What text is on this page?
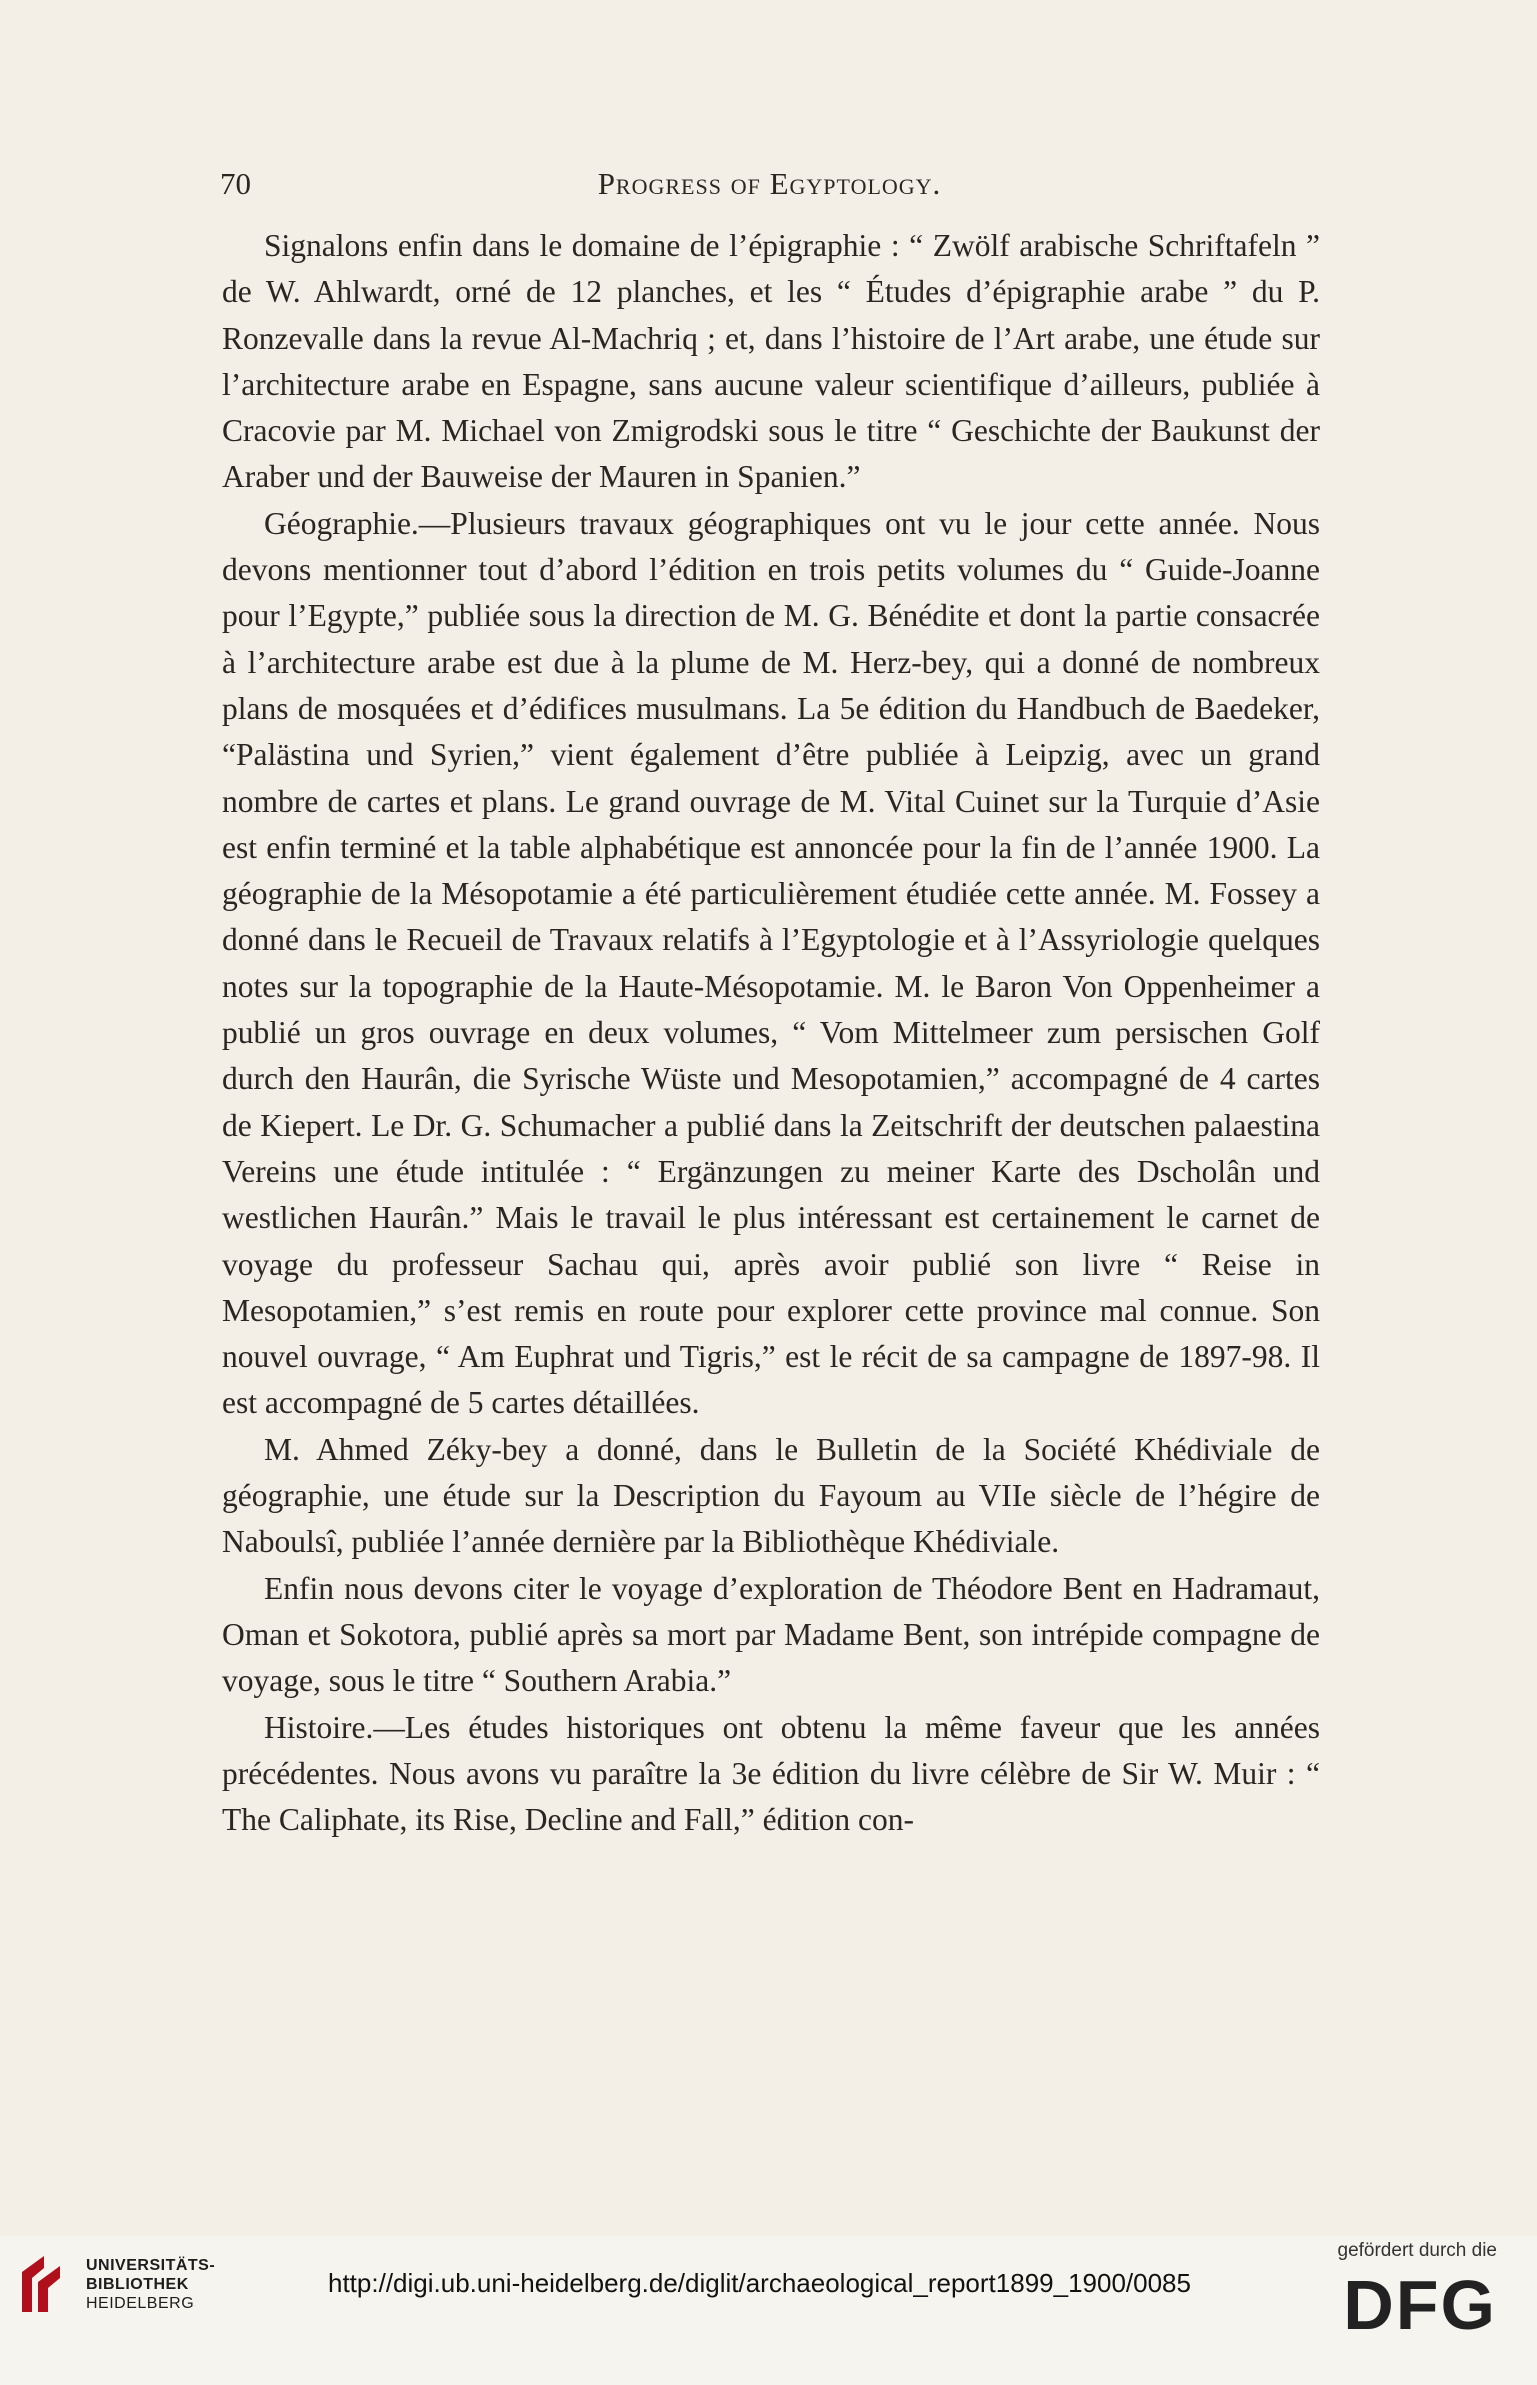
70	Progress of Egyptology.

Signalons enfin dans le domaine de l’épigraphie : “ Zwölf arabische Schriftafeln ” de W. Ahlwardt, orné de 12 planches, et les “ Études d’épigraphie arabe ” du P. Ronzevalle dans la revue Al-Machriq ; et, dans l’histoire de l’Art arabe, une étude sur l’architecture arabe en Espagne, sans aucune valeur scientifique d’ailleurs, publiée à Cracovie par M. Michael von Zmigrodski sous le titre “ Geschichte der Baukunst der Araber und der Bauweise der Mauren in Spanien.”

Géographie.—Plusieurs travaux géographiques ont vu le jour cette année. Nous devons mentionner tout d’abord l’édition en trois petits volumes du “ Guide-Joanne pour l’Egypte,” publiée sous la direction de M. G. Bénédite et dont la partie consacrée à l’architecture arabe est due à la plume de M. Herz-bey, qui a donné de nombreux plans de mosquées et d’édifices musulmans. La 5e édition du Handbuch de Baedeker, “Palästina und Syrien,” vient également d’être publiée à Leipzig, avec un grand nombre de cartes et plans. Le grand ouvrage de M. Vital Cuinet sur la Turquie d’Asie est enfin terminé et la table alphabétique est annoncée pour la fin de l’année 1900. La géographie de la Mésopotamie a été particulièrement étudiée cette année. M. Fossey a donné dans le Recueil de Travaux relatifs à l’Egyptologie et à l’Assyriologie quelques notes sur la topographie de la Haute-Mésopotamie. M. le Baron Von Oppenheimer a publié un gros ouvrage en deux volumes, “ Vom Mittelmeer zum persischen Golf durch den Haurân, die Syrische Wüste und Mesopotamien,” accompagné de 4 cartes de Kiepert. Le Dr. G. Schumacher a publié dans la Zeitschrift der deutschen palaestina Vereins une étude intitulée : “ Ergänzungen zu meiner Karte des Dscholân und westlichen Haurân.” Mais le travail le plus intéressant est certainement le carnet de voyage du professeur Sachau qui, après avoir publié son livre “ Reise in Mesopotamien,” s’est remis en route pour explorer cette province mal connue. Son nouvel ouvrage, “ Am Euphrat und Tigris,” est le récit de sa campagne de 1897-98. Il est accompagné de 5 cartes détaillées.

M. Ahmed Zéky-bey a donné, dans le Bulletin de la Société Khédiviale de géographie, une étude sur la Description du Fayoum au VIIe siècle de l’hégire de Naboulsî, publiée l’année dernière par la Bibliothèque Khédiviale.

Enfin nous devons citer le voyage d’exploration de Théodore Bent en Hadramaut, Oman et Sokotora, publié après sa mort par Madame Bent, son intrépide compagne de voyage, sous le titre “ Southern Arabia.”

Histoire.—Les études historiques ont obtenu la même faveur que les années précédentes. Nous avons vu paraître la 3e édition du livre célèbre de Sir W. Muir : “ The Caliphate, its Rise, Decline and Fall,” édition con-

UNIVERSITÄTS-
BIBLIOTHEK
HEIDELBERG
http://digi.ub.uni-heidelberg.de/diglit/archaeological_report1899_1900/0085
gefördert durch die
DFG
